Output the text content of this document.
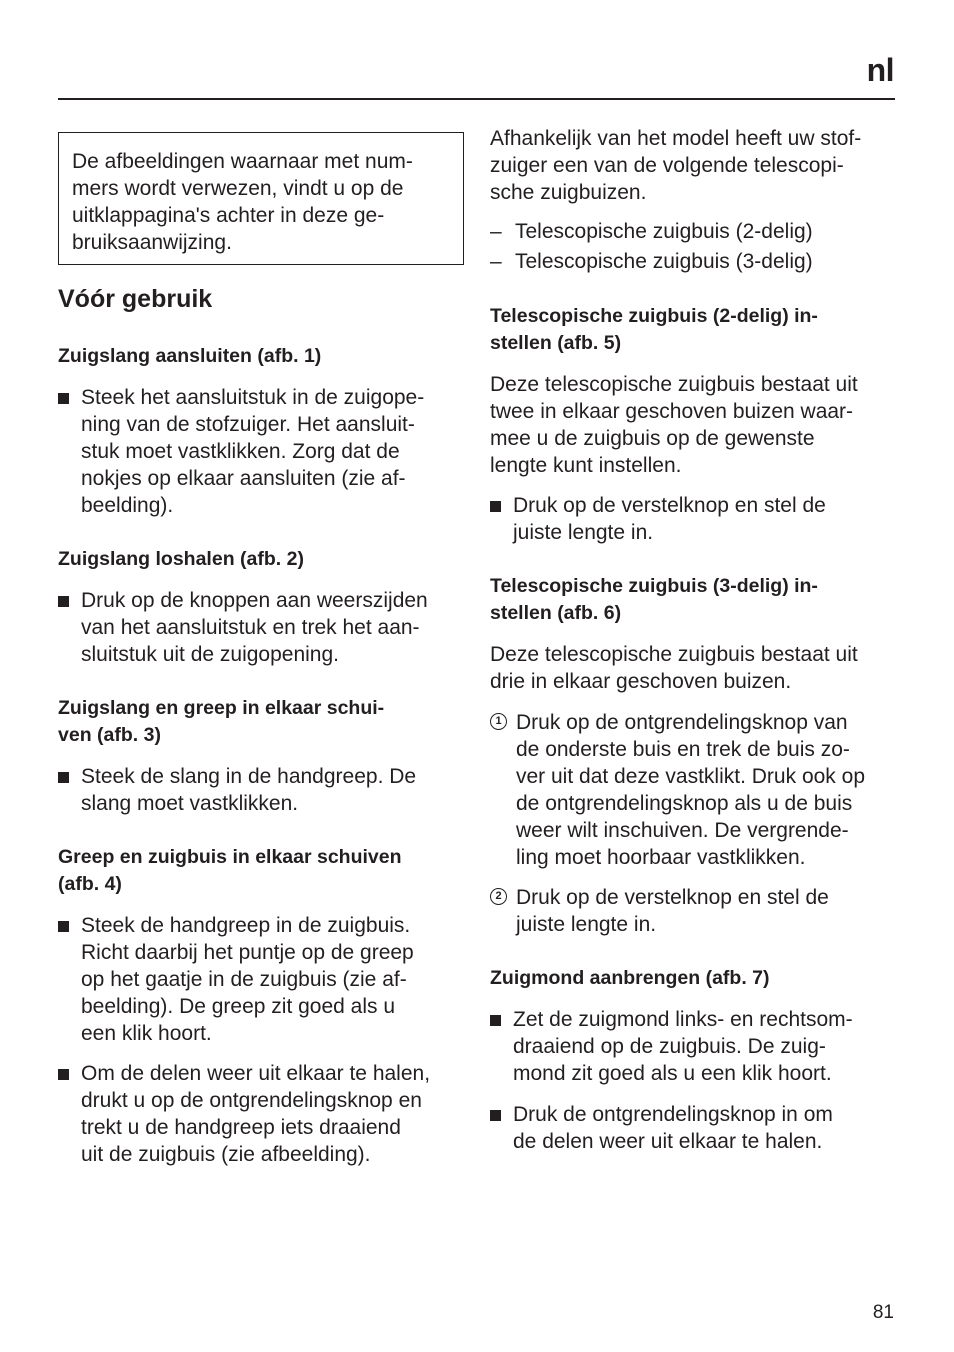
nl

De afbeeldingen waarnaar met num-
mers wordt verwezen, vindt u op de
uitklappagina's achter in deze ge-
bruiksaanwijzing.

Vóór gebruik
Zuigslang aansluiten (afb. 1)
Steek het aansluitstuk in de zuigope-
ning van de stofzuiger. Het aansluit-
stuk moet vastklikken. Zorg dat de
nokjes op elkaar aansluiten (zie af-
beelding).
Zuigslang loshalen (afb. 2)
Druk op de knoppen aan weerszijden
van het aansluitstuk en trek het aan-
sluitstuk uit de zuigopening.
Zuigslang en greep in elkaar schui-
ven (afb. 3)
Steek de slang in de handgreep. De
slang moet vastklikken.
Greep en zuigbuis in elkaar schuiven
(afb. 4)
Steek de handgreep in de zuigbuis.
Richt daarbij het puntje op de greep
op het gaatje in de zuigbuis (zie af-
beelding). De greep zit goed als u
een klik hoort.
Om de delen weer uit elkaar te halen,
drukt u op de ontgrendelingsknop en
trekt u de handgreep iets draaiend
uit de zuigbuis (zie afbeelding).
Afhankelijk van het model heeft uw stof-
zuiger een van de volgende telescopi-
sche zuigbuizen.
– Telescopische zuigbuis (2-delig)
– Telescopische zuigbuis (3-delig)
Telescopische zuigbuis (2-delig) in-
stellen (afb. 5)
Deze telescopische zuigbuis bestaat uit
twee in elkaar geschoven buizen waar-
mee u de zuigbuis op de gewenste
lengte kunt instellen.
Druk op de verstelknop en stel de
juiste lengte in.
Telescopische zuigbuis (3-delig) in-
stellen (afb. 6)
Deze telescopische zuigbuis bestaat uit
drie in elkaar geschoven buizen.
1 Druk op de ontgrendelingsknop van
de onderste buis en trek de buis zo-
ver uit dat deze vastklikt. Druk ook op
de ontgrendelingsknop als u de buis
weer wilt inschuiven. De vergrende-
ling moet hoorbaar vastklikken.
2 Druk op de verstelknop en stel de
juiste lengte in.
Zuigmond aanbrengen (afb. 7)
Zet de zuigmond links- en rechtsom-
draaiend op de zuigbuis. De zuig-
mond zit goed als u een klik hoort.
Druk de ontgrendelingsknop in om
de delen weer uit elkaar te halen.
81
